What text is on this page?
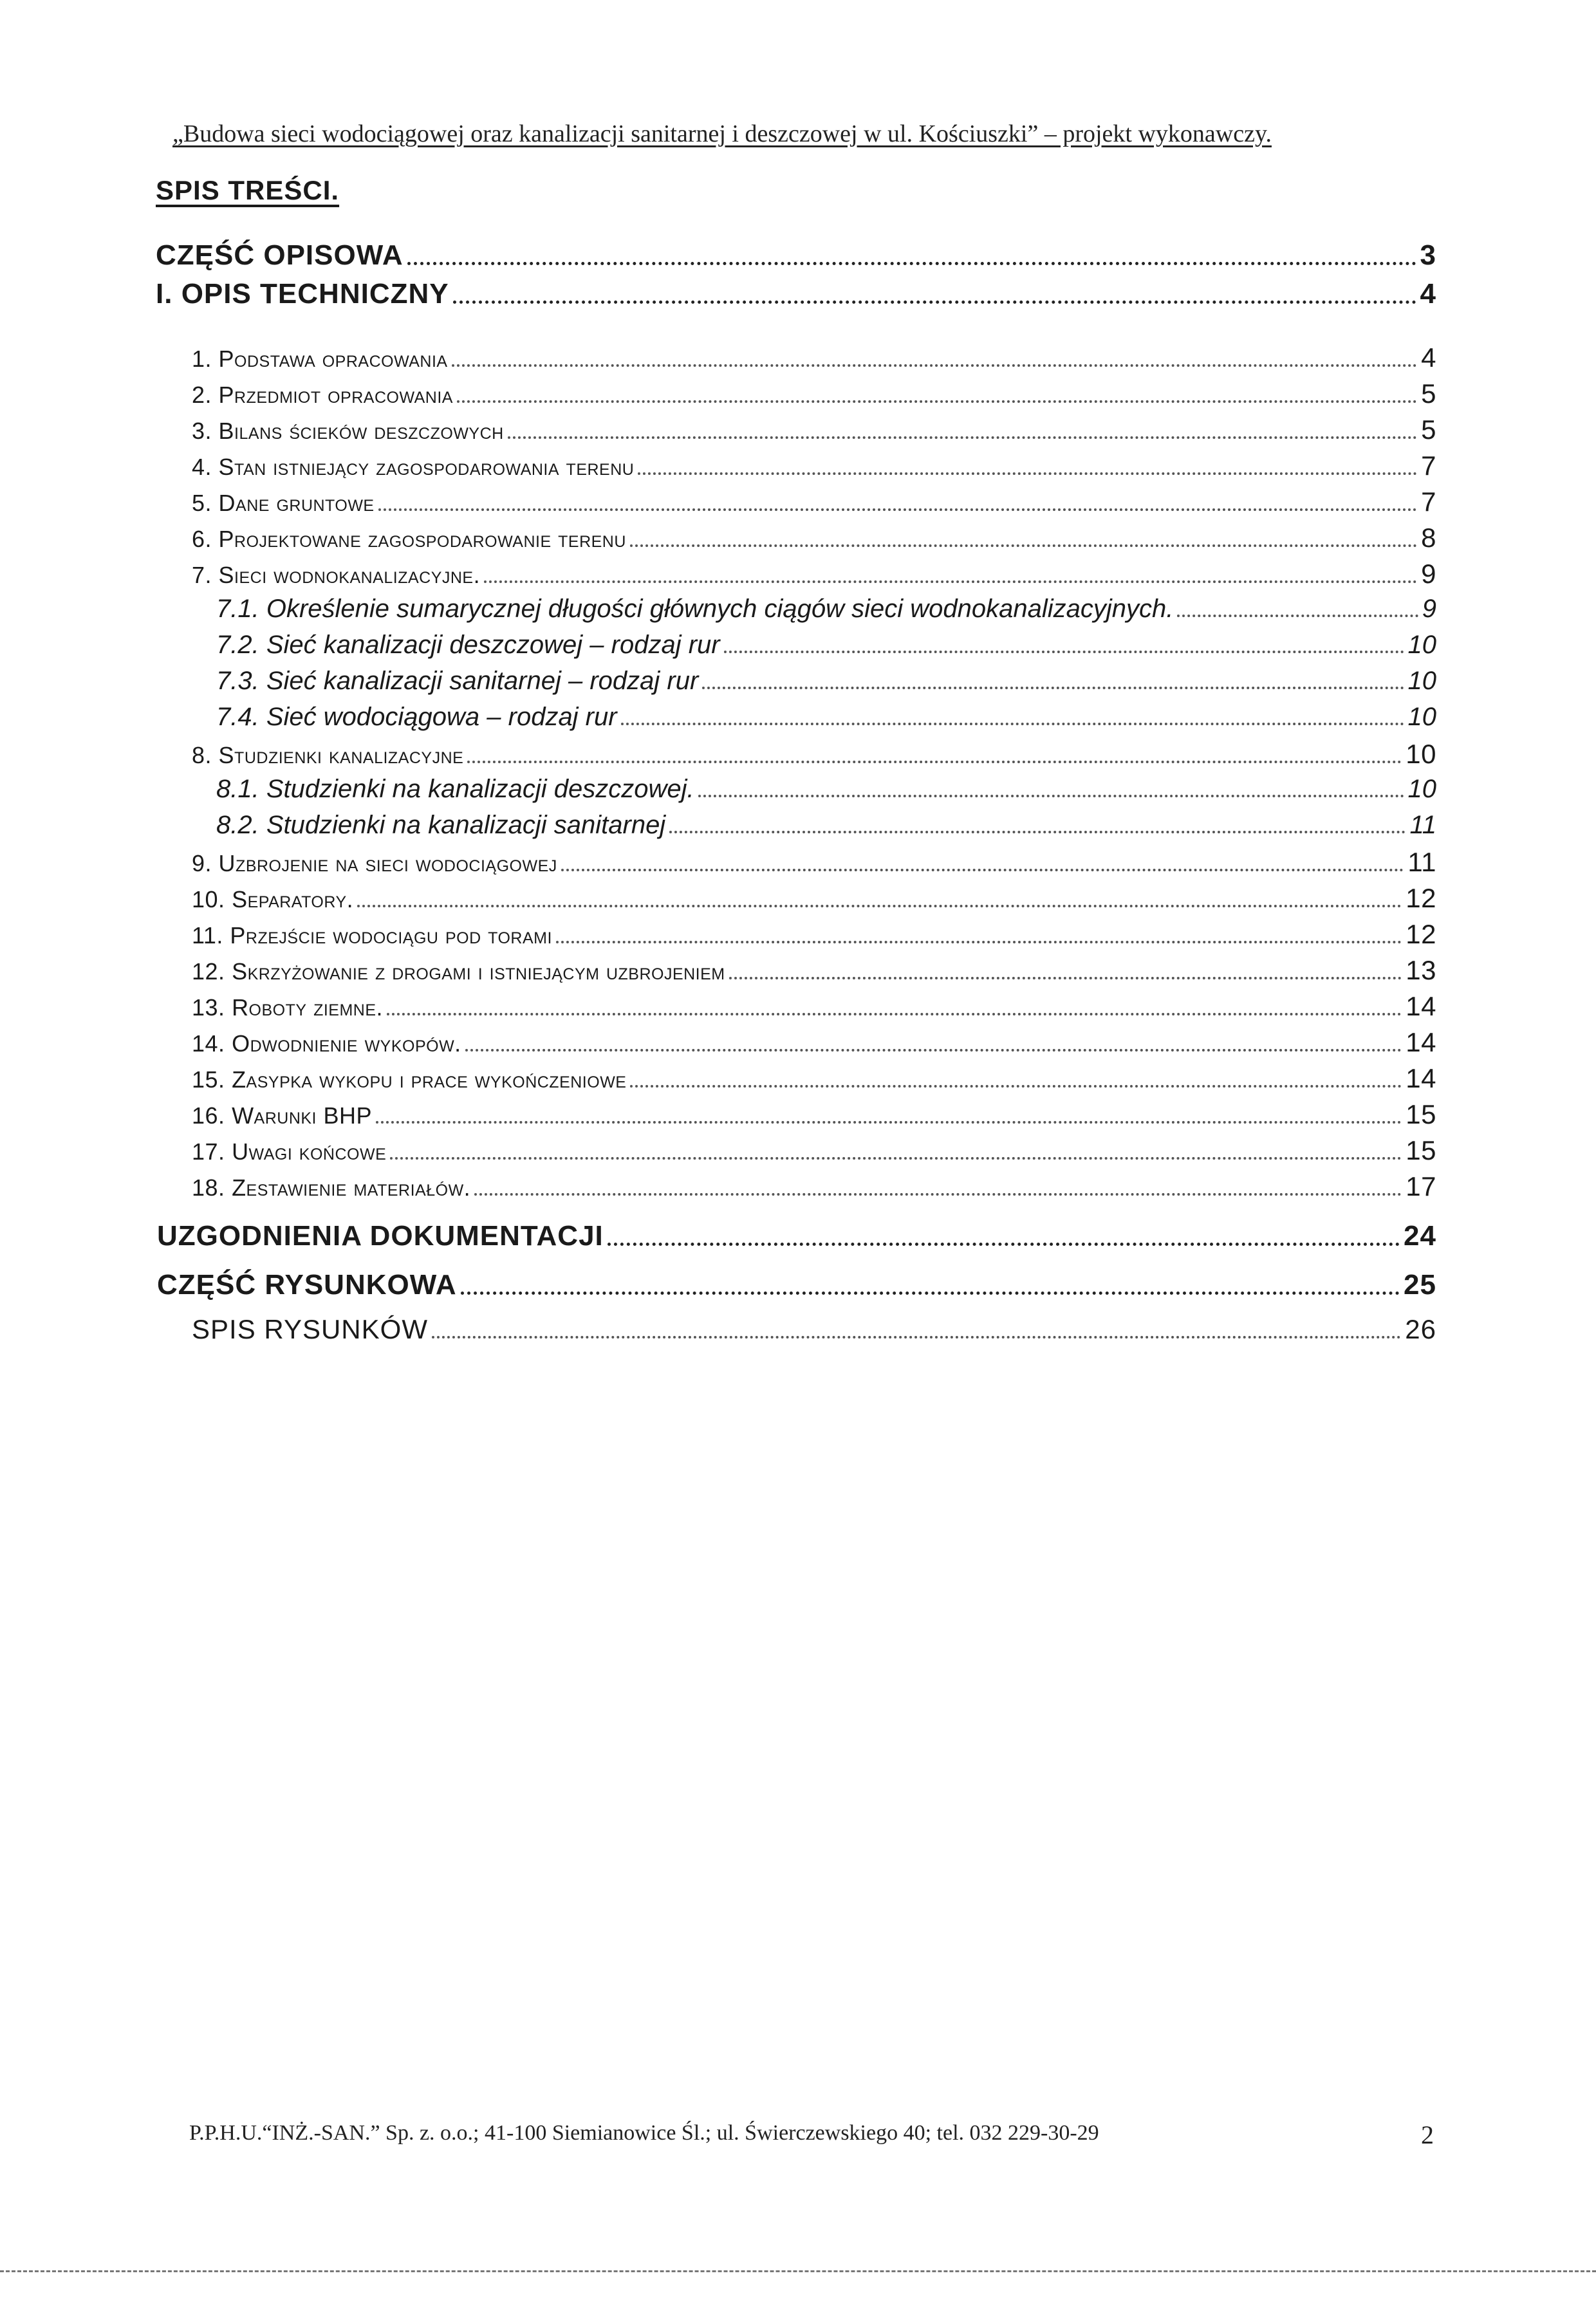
„Budowa sieci wodociągowej oraz kanalizacji sanitarnej i deszczowej w ul. Kościuszki” – projekt wykonawczy.
SPIS TREŚCI.
CZĘŚĆ OPISOWA	3
I. OPIS TECHNICZNY	4
1. Podstawa opracowania	4
2. Przedmiot opracowania	5
3. Bilans ścieków deszczowych	5
4. Stan istniejący zagospodarowania terenu	7
5. Dane gruntowe	7
6. Projektowane zagospodarowanie terenu	8
7. Sieci wodnokanalizacyjne.	9
7.1. Określenie sumarycznej długości głównych ciągów sieci wodnokanalizacyjnych.	9
7.2. Sieć kanalizacji deszczowej – rodzaj rur	10
7.3. Sieć kanalizacji sanitarnej – rodzaj rur	10
7.4. Sieć wodociągowa – rodzaj rur	10
8. Studzienki kanalizacyjne	10
8.1. Studzienki na kanalizacji deszczowej.	10
8.2. Studzienki na kanalizacji sanitarnej	11
9. Uzbrojenie na sieci wodociągowej	11
10. Separatory.	12
11. Przejście wodociągu pod torami	12
12. Skrzyżowanie z drogami i istniejącym uzbrojeniem	13
13. Roboty ziemne.	14
14. Odwodnienie wykopów.	14
15. Zasypka wykopu i prace wykończeniowe	14
16. Warunki BHP	15
17. Uwagi końcowe	15
18. Zestawienie materiałów.	17
UZGODNIENIA DOKUMENTACJI	24
CZĘŚĆ RYSUNKOWA	25
SPIS RYSUNKÓW	26
P.P.H.U.“INŻ.-SAN.” Sp. z. o.o.; 41-100 Siemianowice Śl.; ul. Świerczewskiego 40; tel. 032 229-30-29	2
